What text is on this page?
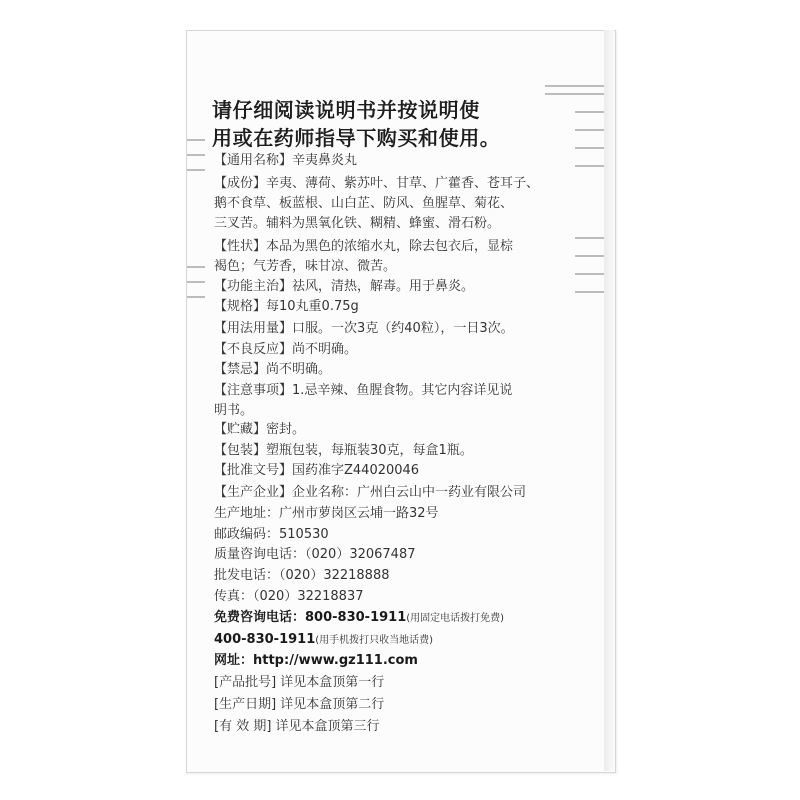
请仔细阅读说明书并按说明使
用或在药师指导下购买和使用。
【通用名称】辛夷鼻炎丸
【成份】辛夷、薄荷、紫苏叶、甘草、广藿香、苍耳子、
鹅不食草、板蓝根、山白芷、防风、鱼腥草、菊花、
三叉苦。辅料为黑氧化铁、糊精、蜂蜜、滑石粉。
【性状】本品为黑色的浓缩水丸，除去包衣后，显棕
褐色；气芳香，味甘凉、微苦。
【功能主治】祛风，清热，解毒。用于鼻炎。
【规格】每10丸重0.75g
【用法用量】口服。一次3克（约40粒），一日3次。
【不良反应】尚不明确。
【禁忌】尚不明确。
【注意事项】1.忌辛辣、鱼腥食物。其它内容详见说
明书。
【贮藏】密封。
【包装】塑瓶包装，每瓶装30克，每盒1瓶。
【批准文号】国药准字Z44020046
【生产企业】企业名称：广州白云山中一药业有限公司
生产地址：广州市萝岗区云埔一路32号
邮政编码：510530
质量咨询电话：（020）32067487
批发电话：（020）32218888
传真：（020）32218837
免费咨询电话：800-830-1911(用固定电话拨打免费)
400-830-1911(用手机拨打只收当地话费)
网址：http://www.gz111.com
[产品批号] 详见本盒顶第一行
[生产日期] 详见本盒顶第二行
[有 效 期] 详见本盒顶第三行
